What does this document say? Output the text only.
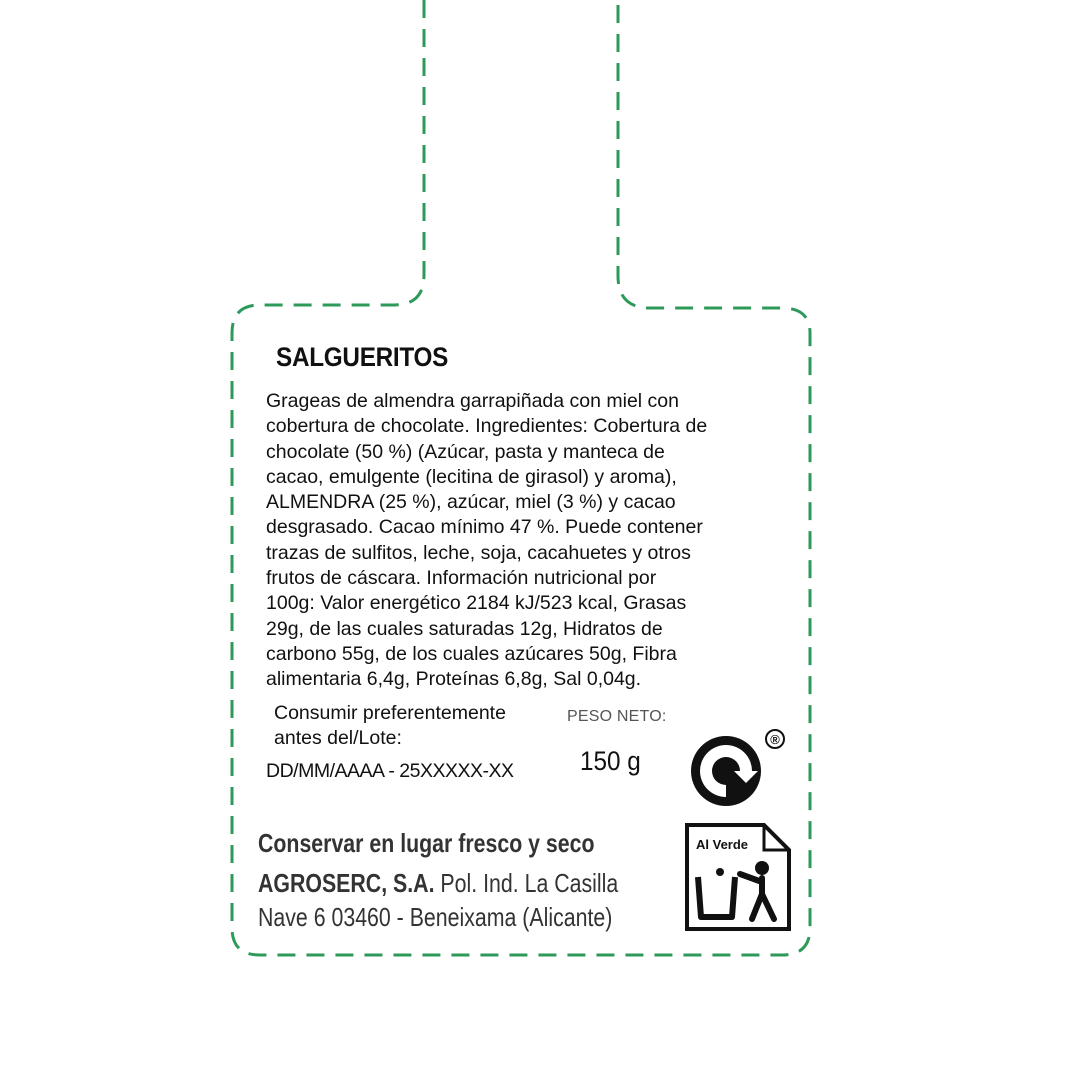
SALGUERITOS
Grageas de almendra garrapiñada con miel con
cobertura de chocolate. Ingredientes: Cobertura de
chocolate (50 %) (Azúcar, pasta y manteca de
cacao, emulgente (lecitina de girasol) y aroma),
ALMENDRA (25 %), azúcar, miel (3 %) y cacao
desgrasado. Cacao mínimo 47 %. Puede contener
trazas de sulfitos, leche, soja, cacahuetes y otros
frutos de cáscara. Información nutricional por
100g: Valor energético 2184 kJ/523 kcal, Grasas
29g, de las cuales saturadas 12g, Hidratos de
carbono 55g, de los cuales azúcares 50g, Fibra
alimentaria 6,4g, Proteínas 6,8g, Sal 0,04g.
Consumir preferentemente
antes del/Lote:
DD/MM/AAAA - 25XXXXX-XX
PESO NETO:
150 g
®
Al Verde
Conservar en lugar fresco y seco
AGROSERC, S.A. Pol. Ind. La Casilla
Nave 6 03460 - Beneixama (Alicante)
